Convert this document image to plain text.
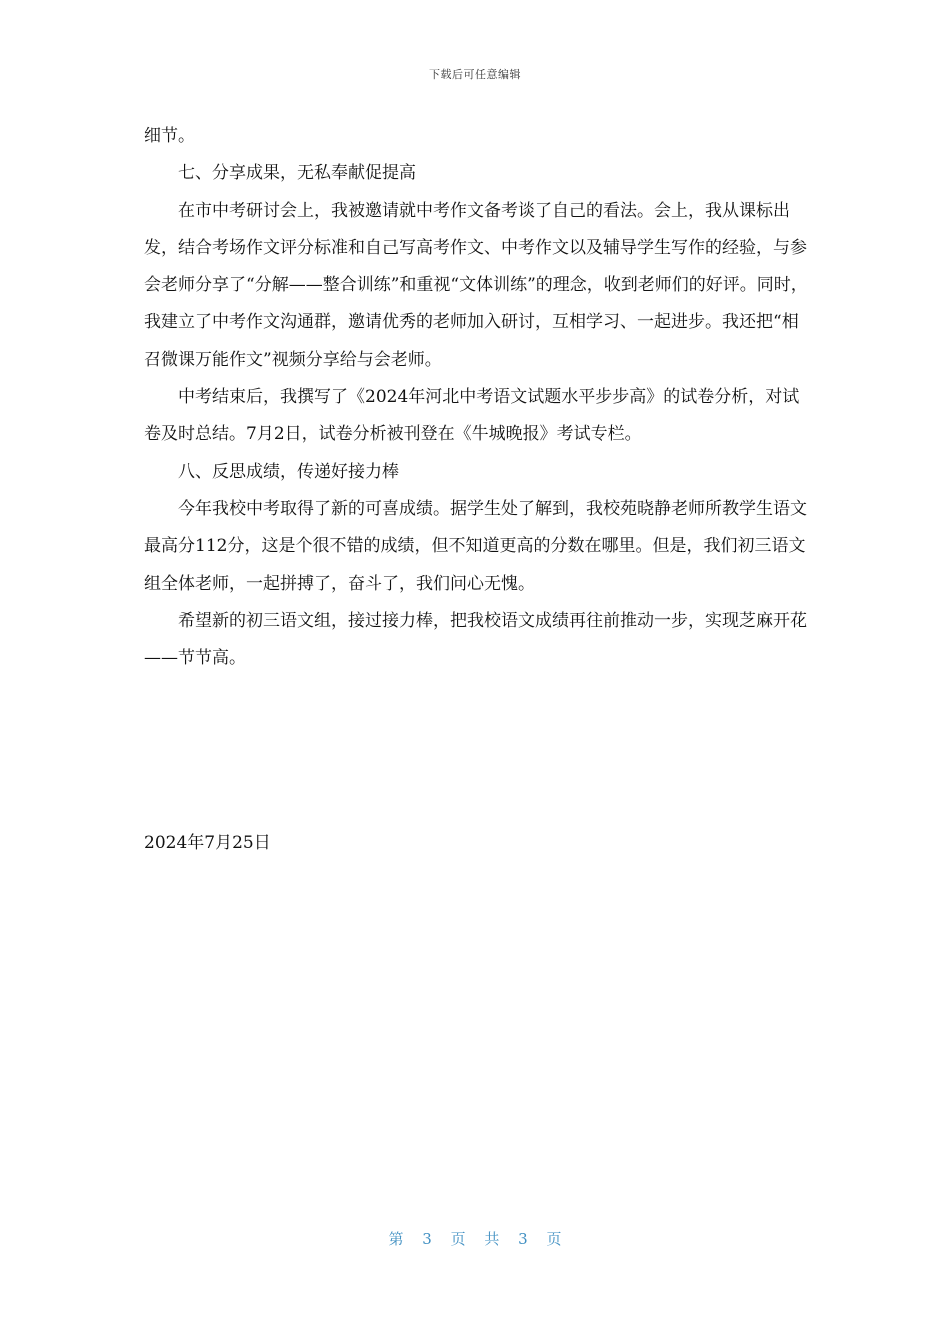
下载后可任意编辑

细节。

七、分享成果，无私奉献促提高

在市中考研讨会上，我被邀请就中考作文备考谈了自己的看法。会上，我从课标出发，结合考场作文评分标准和自己写高考作文、中考作文以及辅导学生写作的经验，与参会老师分享了“分解——整合训练”和重视“文体训练”的理念，收到老师们的好评。同时，我建立了中考作文沟通群，邀请优秀的老师加入研讨，互相学习、一起进步。我还把“相召微课万能作文”视频分享给与会老师。

中考结束后，我撰写了《2024年河北中考语文试题水平步步高》的试卷分析，对试卷及时总结。7月2日，试卷分析被刊登在《牛城晚报》考试专栏。

八、反思成绩，传递好接力棒

今年我校中考取得了新的可喜成绩。据学生处了解到，我校苑晓静老师所教学生语文最高分112分，这是个很不错的成绩，但不知道更高的分数在哪里。但是，我们初三语文组全体老师，一起拼搏了，奋斗了，我们问心无愧。

希望新的初三语文组，接过接力棒，把我校语文成绩再往前推动一步，实现芝麻开花——节节高。

2024年7月25日
第 3 页 共 3 页
